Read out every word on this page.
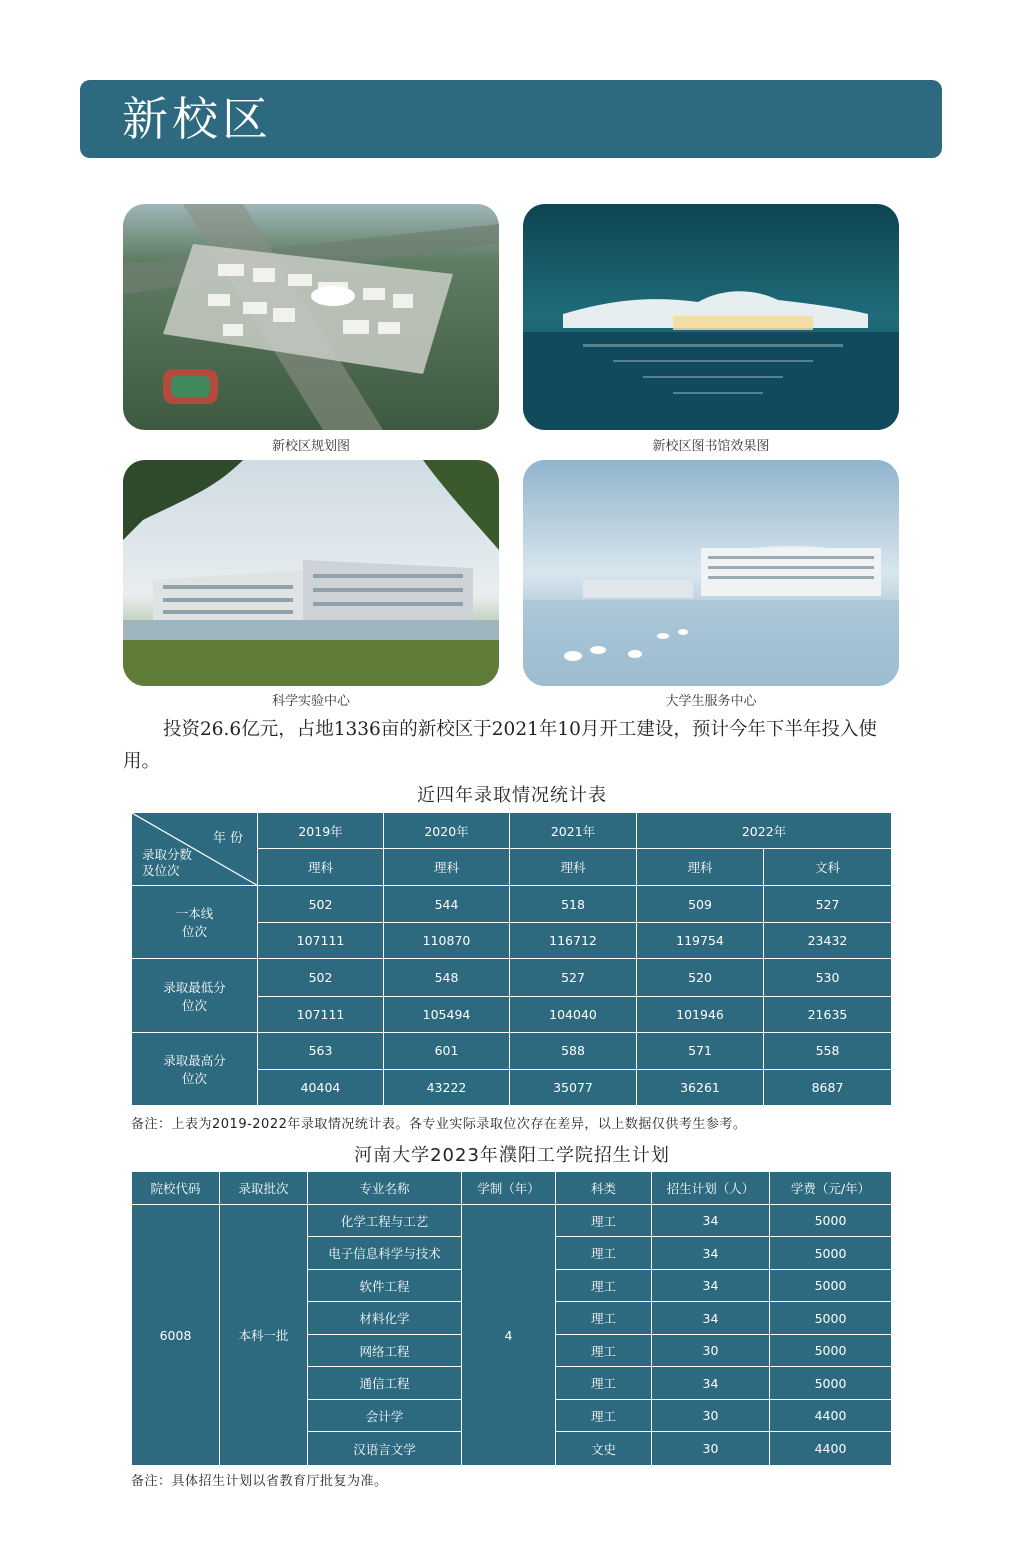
新校区
新校区规划图	新校区图书馆效果图
科学实验中心	大学生服务中心
投资26.6亿元，占地1336亩的新校区于2021年10月开工建设，预计今年下半年投入使用。
近四年录取情况统计表
年 份
录取分数
及位次	2019年	2020年	2021年	2022年	
	理科	理科	理科	理科	文科
一本线
位次	502	544	518	509	527
	107111	110870	116712	119754	23432
录取最低分
位次	502	548	527	520	530
	107111	105494	104040	101946	21635
录取最高分
位次	563	601	588	571	558
	40404	43222	35077	36261	8687
备注：上表为2019-2022年录取情况统计表。各专业实际录取位次存在差异，以上数据仅供考生参考。
河南大学2023年濮阳工学院招生计划
院校代码	录取批次	专业名称	学制（年）	科类	招生计划（人）	学费（元/年）
6008	本科一批	化学工程与工艺	4	理工	34	5000
		电子信息科学与技术		理工	34	5000
		软件工程		理工	34	5000
		材料化学		理工	34	5000
		网络工程		理工	30	5000
		通信工程		理工	34	5000
		会计学		理工	30	4400
		汉语言文学		文史	30	4400
备注：具体招生计划以省教育厅批复为准。
